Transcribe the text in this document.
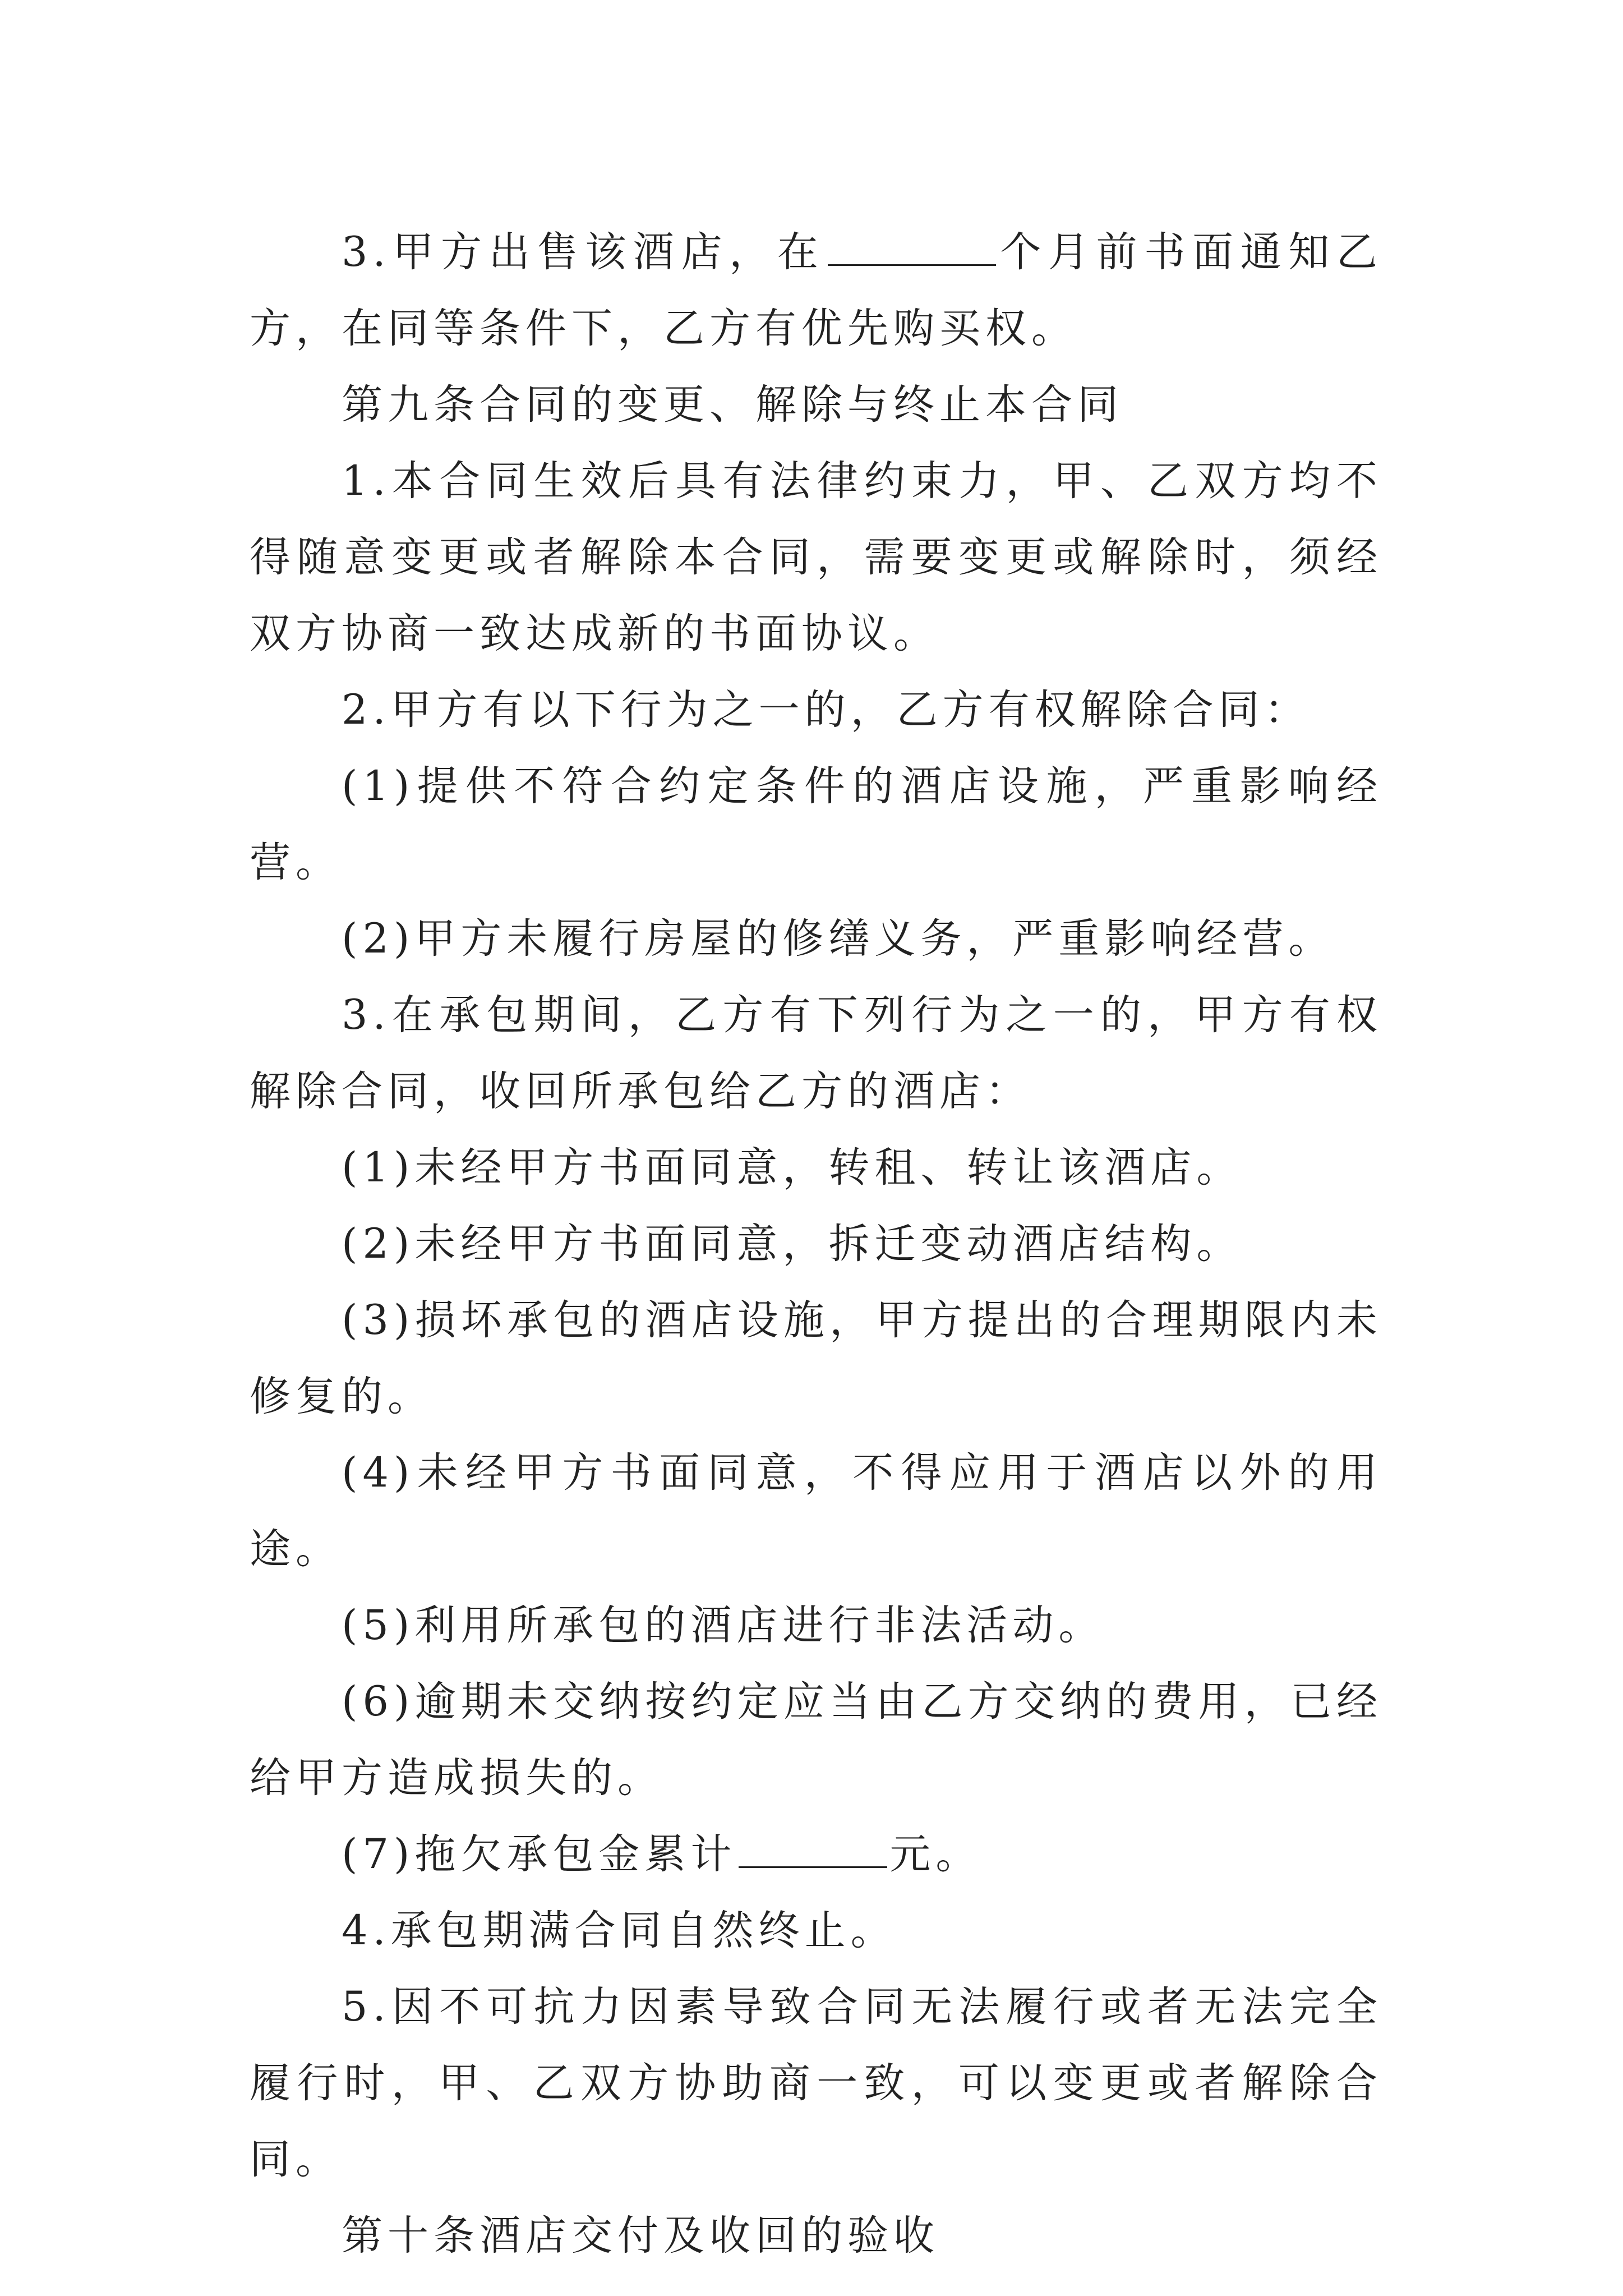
3.甲方出售该酒店，在	个月前书面通知乙方，在同等条件下，乙方有优先购买权。

第九条合同的变更、解除与终止本合同

1.本合同生效后具有法律约束力，甲、乙双方均不得随意变更或者解除本合同，需要变更或解除时，须经双方协商一致达成新的书面协议。

2.甲方有以下行为之一的，乙方有权解除合同：

(1)提供不符合约定条件的酒店设施，严重影响经营。

(2)甲方未履行房屋的修缮义务，严重影响经营。

3.在承包期间，乙方有下列行为之一的，甲方有权解除合同，收回所承包给乙方的酒店：

(1)未经甲方书面同意，转租、转让该酒店。

(2)未经甲方书面同意，拆迁变动酒店结构。

(3)损坏承包的酒店设施，甲方提出的合理期限内未修复的。

(4)未经甲方书面同意，不得应用于酒店以外的用途。

(5)利用所承包的酒店进行非法活动。

(6)逾期未交纳按约定应当由乙方交纳的费用，已经给甲方造成损失的。

(7)拖欠承包金累计	元。

4.承包期满合同自然终止。

5.因不可抗力因素导致合同无法履行或者无法完全履行时，甲、乙双方协助商一致，可以变更或者解除合同。

第十条酒店交付及收回的验收
